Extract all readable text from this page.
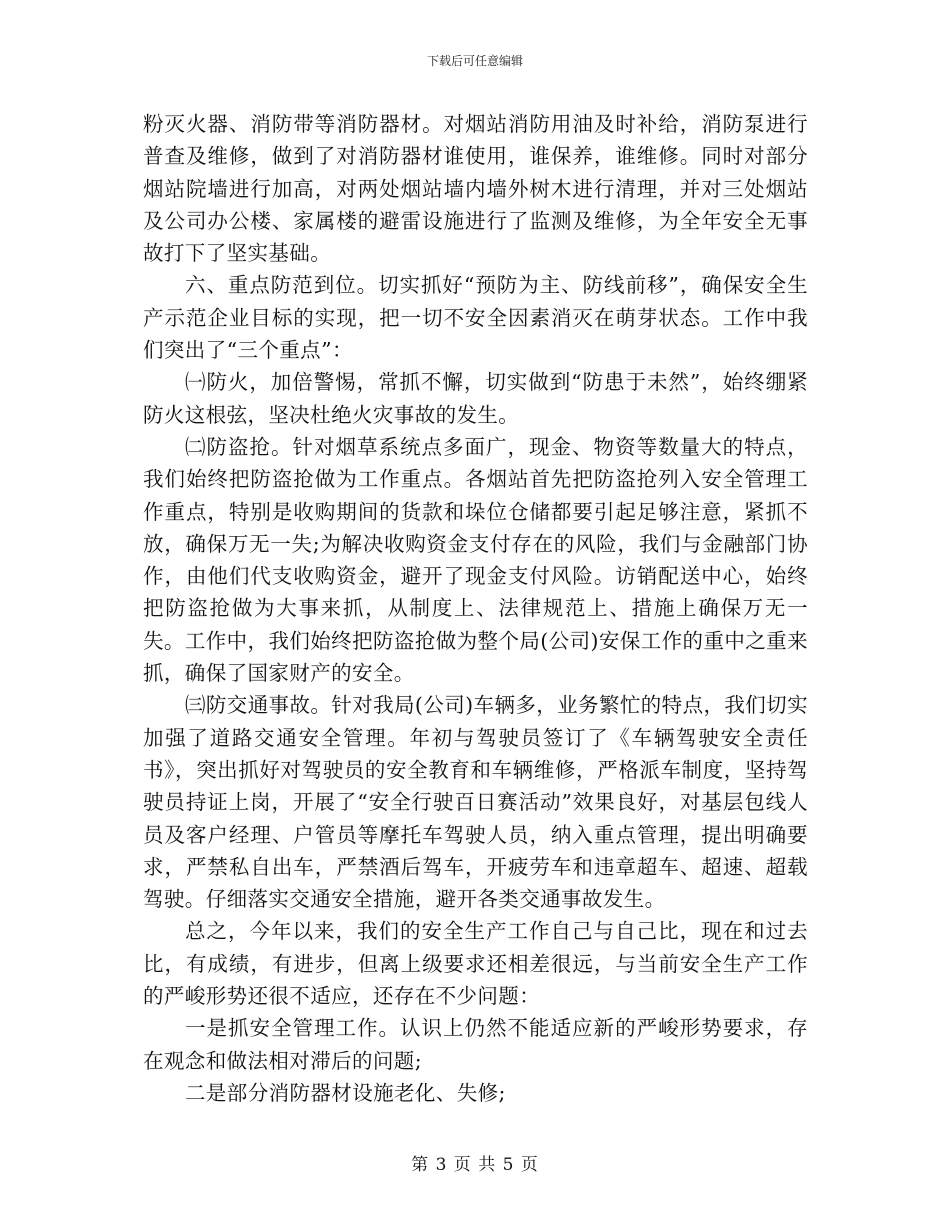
下载后可任意编辑

粉灭火器、消防带等消防器材。对烟站消防用油及时补给，消防泵进行普查及维修，做到了对消防器材谁使用，谁保养，谁维修。同时对部分烟站院墙进行加高，对两处烟站墙内墙外树木进行清理，并对三处烟站及公司办公楼、家属楼的避雷设施进行了监测及维修，为全年安全无事故打下了坚实基础。

六、重点防范到位。切实抓好“预防为主、防线前移”，确保安全生产示范企业目标的实现，把一切不安全因素消灭在萌芽状态。工作中我们突出了“三个重点”：

㈠防火，加倍警惕，常抓不懈，切实做到“防患于未然”，始终绷紧防火这根弦，坚决杜绝火灾事故的发生。

㈡防盗抢。针对烟草系统点多面广，现金、物资等数量大的特点，我们始终把防盗抢做为工作重点。各烟站首先把防盗抢列入安全管理工作重点，特别是收购期间的货款和垛位仓储都要引起足够注意，紧抓不放，确保万无一失;为解决收购资金支付存在的风险，我们与金融部门协作，由他们代支收购资金，避开了现金支付风险。访销配送中心，始终把防盗抢做为大事来抓，从制度上、法律规范上、措施上确保万无一失。工作中，我们始终把防盗抢做为整个局(公司)安保工作的重中之重来抓，确保了国家财产的安全。

㈢防交通事故。针对我局(公司)车辆多，业务繁忙的特点，我们切实加强了道路交通安全管理。年初与驾驶员签订了《车辆驾驶安全责任书》，突出抓好对驾驶员的安全教育和车辆维修，严格派车制度，坚持驾驶员持证上岗，开展了“安全行驶百日赛活动”效果良好，对基层包线人员及客户经理、户管员等摩托车驾驶人员，纳入重点管理，提出明确要求，严禁私自出车，严禁酒后驾车，开疲劳车和违章超车、超速、超载驾驶。仔细落实交通安全措施，避开各类交通事故发生。

总之，今年以来，我们的安全生产工作自己与自己比，现在和过去比，有成绩，有进步，但离上级要求还相差很远，与当前安全生产工作的严峻形势还很不适应，还存在不少问题：

一是抓安全管理工作。认识上仍然不能适应新的严峻形势要求，存在观念和做法相对滞后的问题;

二是部分消防器材设施老化、失修;

第 3 页 共 5 页
